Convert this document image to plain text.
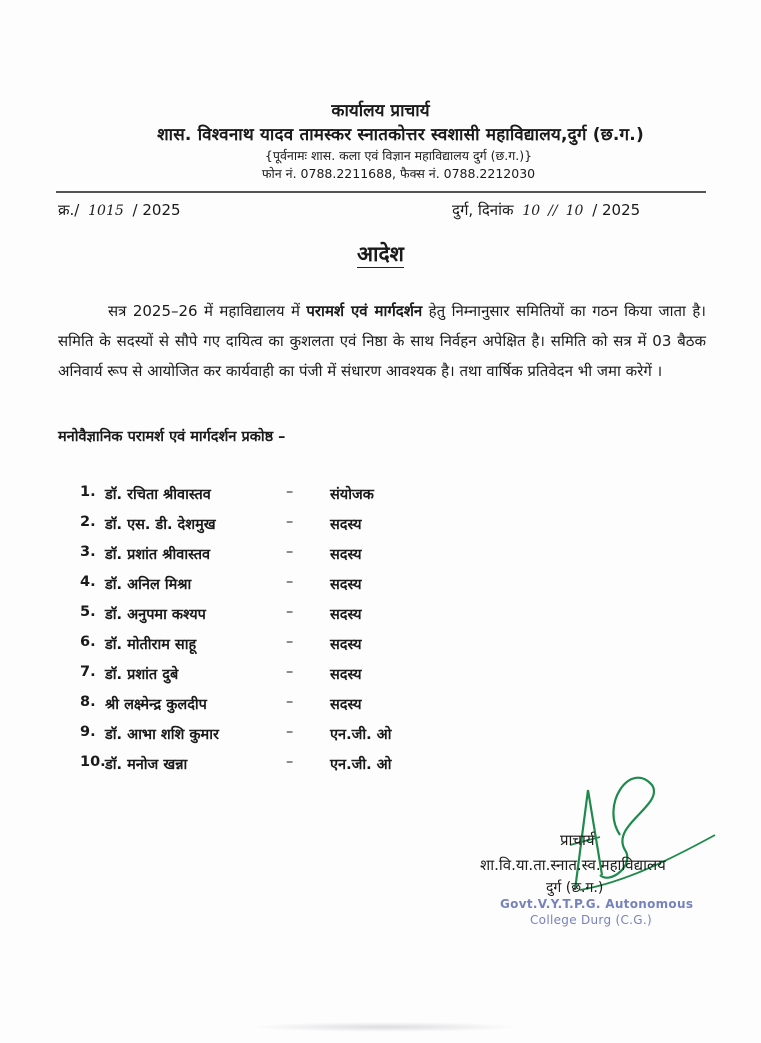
कार्यालय प्राचार्य
शास. विश्वनाथ यादव तामस्कर स्नातकोत्तर स्वशासी महाविद्यालय,दुर्ग (छ.ग.)
{पूर्वनामः शास. कला एवं विज्ञान महाविद्यालय दुर्ग (छ.ग.)}
फोन नं. 0788.2211688, फैक्स नं. 0788.2212030
क्र./ 1015 / 2025	दुर्ग, दिनांक 10 // 10 / 2025
आदेश
सत्र 2025–26 में महाविद्यालय में परामर्श एवं मार्गदर्शन हेतु निम्नानुसार समितियों का गठन किया जाता है। समिति के सदस्यों से सौपे गए दायित्व का कुशलता एवं निष्ठा के साथ निर्वहन अपेक्षित है। समिति को सत्र में 03 बैठक अनिवार्य रूप से आयोजित कर कार्यवाही का पंजी में संधारण आवश्यक है। तथा वार्षिक प्रतिवेदन भी जमा करेगें ।
मनोवैज्ञानिक परामर्श एवं मार्गदर्शन प्रकोष्ठ –
1. डॉ. रचिता श्रीवास्तव	–	संयोजक
2. डॉ. एस. डी. देशमुख	–	सदस्य
3. डॉ. प्रशांत श्रीवास्तव	–	सदस्य
4. डॉ. अनिल मिश्रा	–	सदस्य
5. डॉ. अनुपमा कश्यप	–	सदस्य
6. डॉ. मोतीराम साहू	–	सदस्य
7. डॉ. प्रशांत दुबे	–	सदस्य
8. श्री लक्ष्मेन्द्र कुलदीप	–	सदस्य
9. डॉ. आभा शशि कुमार	–	एन.जी. ओ
10. डॉ. मनोज खन्ना	–	एन.जी. ओ
प्राचार्य
शा.वि.या.ता.स्नात.स्व.महाविद्यालय
दुर्ग (छ.ग.)
Govt.V.Y.T.P.G. Autonomous
College Durg (C.G.)
